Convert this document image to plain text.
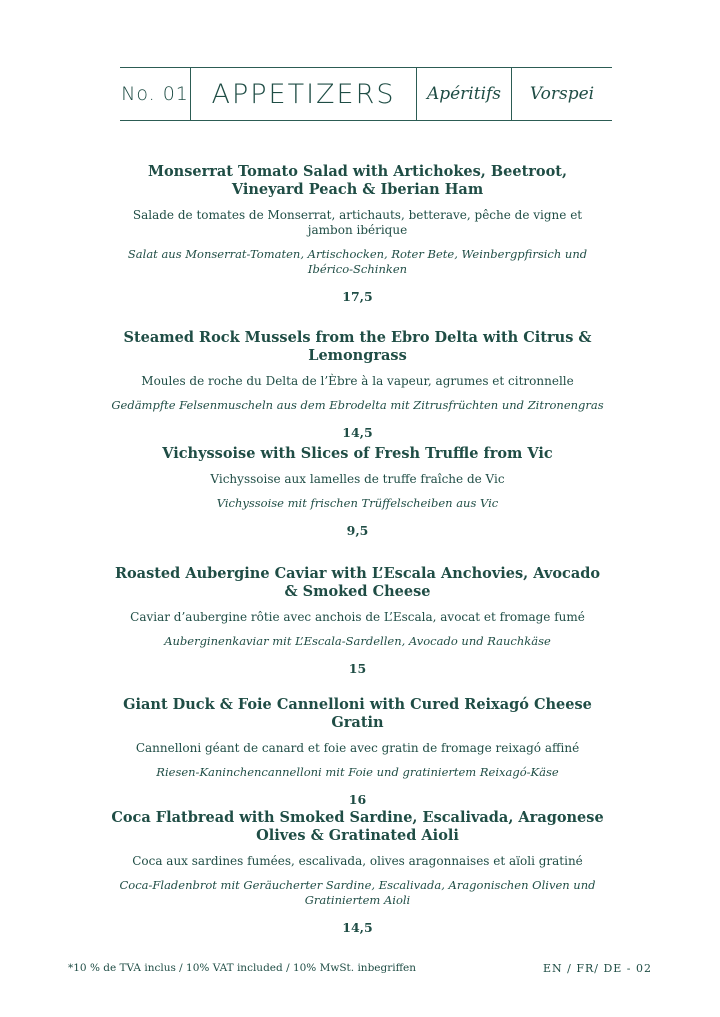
No. 01 APPETIZERS	Apéritifs	Vorspei
Monserrat Tomato Salad with Artichokes, Beetroot, Vineyard Peach & Iberian Ham
Salade de tomates de Monserrat, artichauts, betterave, pêche de vigne et jambon ibérique
Salat aus Monserrat-Tomaten, Artischocken, Roter Bete, Weinbergpfirsich und Ibérico-Schinken
17,5
Steamed Rock Mussels from the Ebro Delta with Citrus & Lemongrass
Moules de roche du Delta de l’Èbre à la vapeur, agrumes et citronnelle
Gedämpfte Felsenmuscheln aus dem Ebrodelta mit Zitrusfrüchten und Zitronengras
14,5
Vichyssoise with Slices of Fresh Truffle from Vic
Vichyssoise aux lamelles de truffe fraîche de Vic
Vichyssoise mit frischen Trüffelscheiben aus Vic
9,5
Roasted Aubergine Caviar with L’Escala Anchovies, Avocado & Smoked Cheese
Caviar d’aubergine rôtie avec anchois de L’Escala, avocat et fromage fumé
Auberginenkaviar mit L’Escala-Sardellen, Avocado und Rauchkäse
15
Giant Duck & Foie Cannelloni with Cured Reixagó Cheese Gratin
Cannelloni géant de canard et foie avec gratin de fromage reixagó affiné
Riesen-Kaninchencannelloni mit Foie und gratiniertem Reixagó-Käse
16
Coca Flatbread with Smoked Sardine, Escalivada, Aragonese Olives & Gratinated Aioli
Coca aux sardines fumées, escalivada, olives aragonnaises et aïoli gratiné
Coca-Fladenbrot mit Geräucherter Sardine, Escalivada, Aragonischen Oliven und Gratiniertem Aioli
14,5
*10 % de TVA inclus / 10% VAT included / 10% MwSt. inbegriffen	EN / FR/ DE - 02
